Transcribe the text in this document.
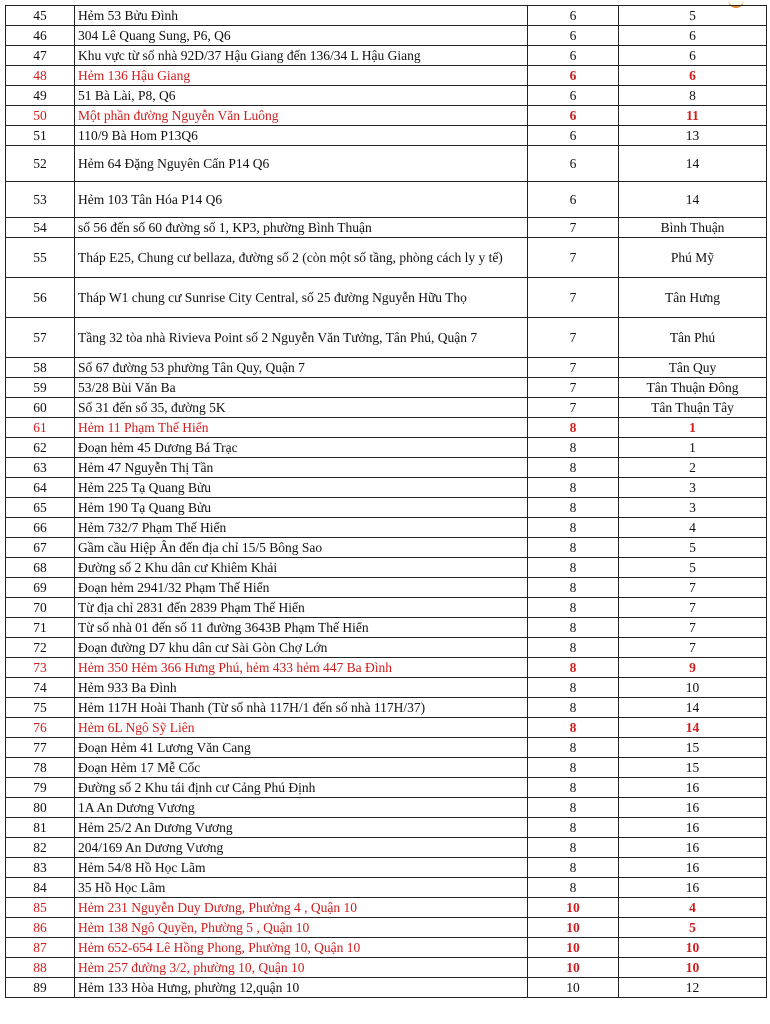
45	Hẻm 53 Bửu Đình	6	5
46	304 Lê Quang Sung, P6, Q6	6	6
47	Khu vực từ số nhà 92D/37 Hậu Giang đến 136/34 L Hậu Giang	6	6
48	Hẻm 136 Hậu Giang	6	6
49	51 Bà Lài, P8, Q6	6	8
50	Một phần đường Nguyễn Văn Luông	6	11
51	110/9 Bà Hom P13Q6	6	13
52	Hẻm 64 Đặng Nguyên Cẩn P14 Q6	6	14
53	Hẻm 103 Tân Hóa P14 Q6	6	14
54	số 56 đến số 60 đường số 1, KP3, phường Bình Thuận	7	Bình Thuận
55	Tháp E25, Chung cư bellaza, đường số 2 (còn một số tầng, phòng cách ly y tế)	7	Phú Mỹ
56	Tháp W1 chung cư Sunrise City Central, số 25 đường Nguyễn Hữu Thọ	7	Tân Hưng
57	Tầng 32 tòa nhà Rivieva Point số 2 Nguyễn Văn Tưởng, Tân Phú, Quận 7	7	Tân Phú
58	Số 67 đường 53 phường Tân Quy, Quận 7	7	Tân Quy
59	53/28 Bùi Văn Ba	7	Tân Thuận Đông
60	Số 31 đến số 35, đường 5K	7	Tân Thuận Tây
61	Hẻm 11 Phạm Thế Hiển	8	1
62	Đoạn hẻm 45 Dương Bá Trạc	8	1
63	Hẻm 47 Nguyễn Thị Tần	8	2
64	Hẻm 225 Tạ Quang Bửu	8	3
65	Hẻm 190 Tạ Quang Bửu	8	3
66	Hẻm 732/7 Phạm Thế Hiển	8	4
67	Gầm cầu Hiệp Ân đến địa chỉ 15/5 Bông Sao	8	5
68	Đường số 2 Khu dân cư Khiêm Khải	8	5
69	Đoạn hẻm 2941/32 Phạm Thế Hiển	8	7
70	Từ địa chỉ 2831 đến 2839 Phạm Thế Hiển	8	7
71	Từ số nhà 01 đến số 11 đường 3643B Phạm Thế Hiển	8	7
72	Đoạn đường D7 khu dân cư Sài Gòn Chợ Lớn	8	7
73	Hẻm 350 Hẻm 366 Hưng Phú, hẻm 433 hẻm 447 Ba Đình	8	9
74	Hẻm 933 Ba Đình	8	10
75	Hẻm 117H Hoài Thanh (Từ số nhà 117H/1 đến số nhà 117H/37)	8	14
76	Hẻm 6L Ngô Sỹ Liên	8	14
77	Đoạn Hẻm 41 Lương Văn Cang	8	15
78	Đoạn Hẻm 17 Mễ Cốc	8	15
79	Đường số 2 Khu tái định cư Cảng Phú Định	8	16
80	1A An Dương Vương	8	16
81	Hẻm 25/2 An Dương Vương	8	16
82	204/169 An Dương Vương	8	16
83	Hẻm 54/8 Hồ Học Lãm	8	16
84	35 Hồ Học Lãm	8	16
85	Hẻm 231 Nguyễn Duy Dương, Phường 4 , Quận 10	10	4
86	Hẻm 138 Ngô Quyền, Phường 5 , Quận 10	10	5
87	Hẻm 652-654 Lê Hồng Phong, Phường 10, Quận 10	10	10
88	Hẻm 257 đường 3/2, phường 10, Quận 10	10	10
89	Hẻm 133 Hòa Hưng, phường 12,quận 10	10	12
